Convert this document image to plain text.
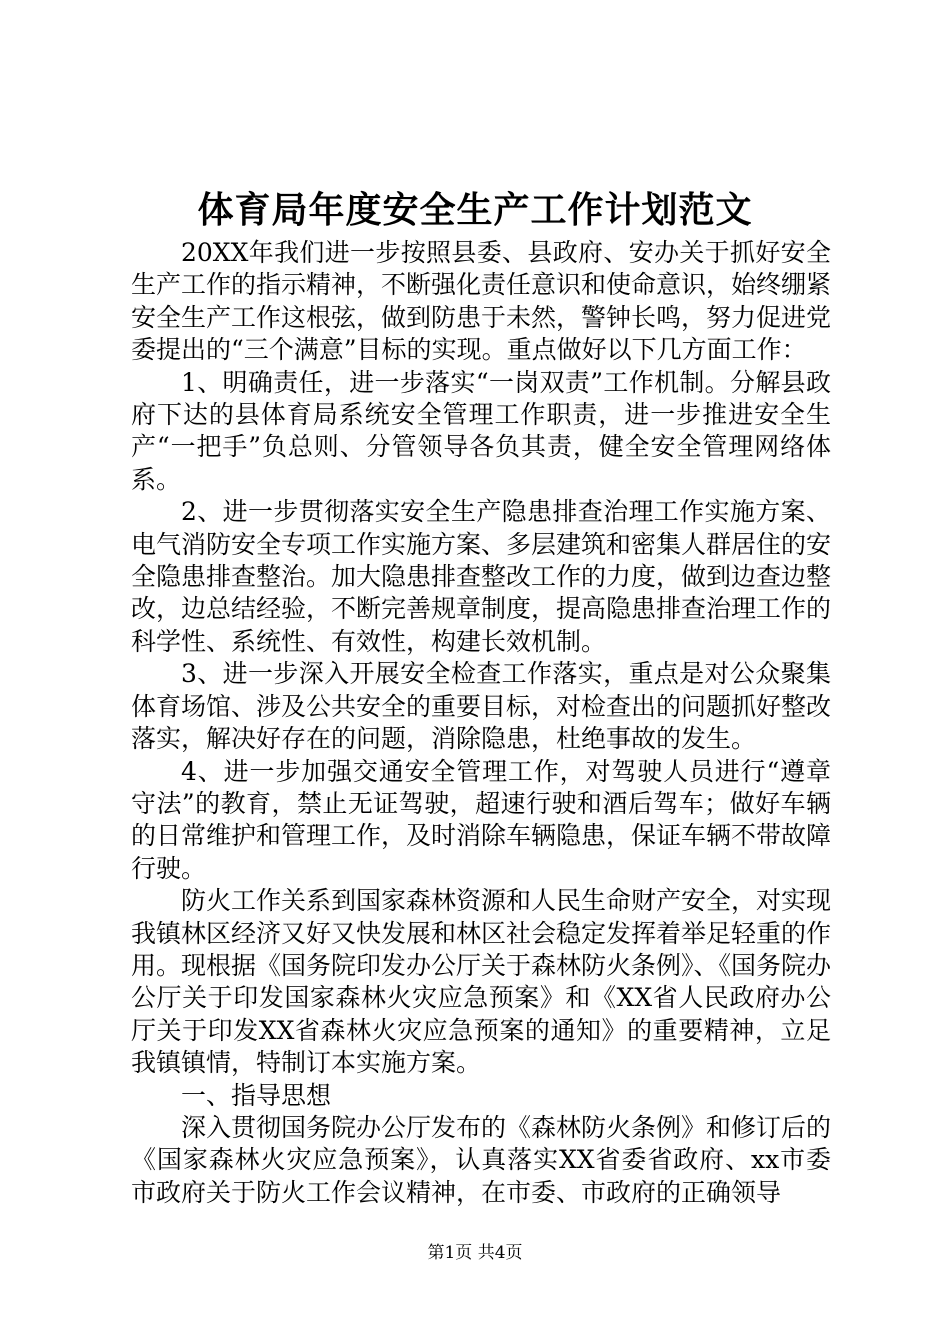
体育局年度安全生产工作计划范文

20XX年我们进一步按照县委、县政府、安办关于抓好安全生产工作的指示精神，不断强化责任意识和使命意识，始终绷紧安全生产工作这根弦，做到防患于未然，警钟长鸣，努力促进党委提出的“三个满意”目标的实现。重点做好以下几方面工作：

1、明确责任，进一步落实“一岗双责”工作机制。分解县政府下达的县体育局系统安全管理工作职责，进一步推进安全生产“一把手”负总则、分管领导各负其责，健全安全管理网络体系。

2、进一步贯彻落实安全生产隐患排查治理工作实施方案、电气消防安全专项工作实施方案、多层建筑和密集人群居住的安全隐患排查整治。加大隐患排查整改工作的力度，做到边查边整改，边总结经验，不断完善规章制度，提高隐患排查治理工作的科学性、系统性、有效性，构建长效机制。

3、进一步深入开展安全检查工作落实，重点是对公众聚集体育场馆、涉及公共安全的重要目标，对检查出的问题抓好整改落实，解决好存在的问题，消除隐患，杜绝事故的发生。

4、进一步加强交通安全管理工作，对驾驶人员进行“遵章守法”的教育，禁止无证驾驶，超速行驶和酒后驾车；做好车辆的日常维护和管理工作，及时消除车辆隐患，保证车辆不带故障行驶。

防火工作关系到国家森林资源和人民生命财产安全，对实现我镇林区经济又好又快发展和林区社会稳定发挥着举足轻重的作用。现根据《国务院印发办公厅关于森林防火条例》、《国务院办公厅关于印发国家森林火灾应急预案》和《XX省人民政府办公厅关于印发XX省森林火灾应急预案的通知》的重要精神，立足我镇镇情，特制订本实施方案。

一、指导思想

深入贯彻国务院办公厅发布的《森林防火条例》和修订后的《国家森林火灾应急预案》，认真落实XX省委省政府、xx市委市政府关于防火工作会议精神，在市委、市政府的正确领导

第1页 共4页
